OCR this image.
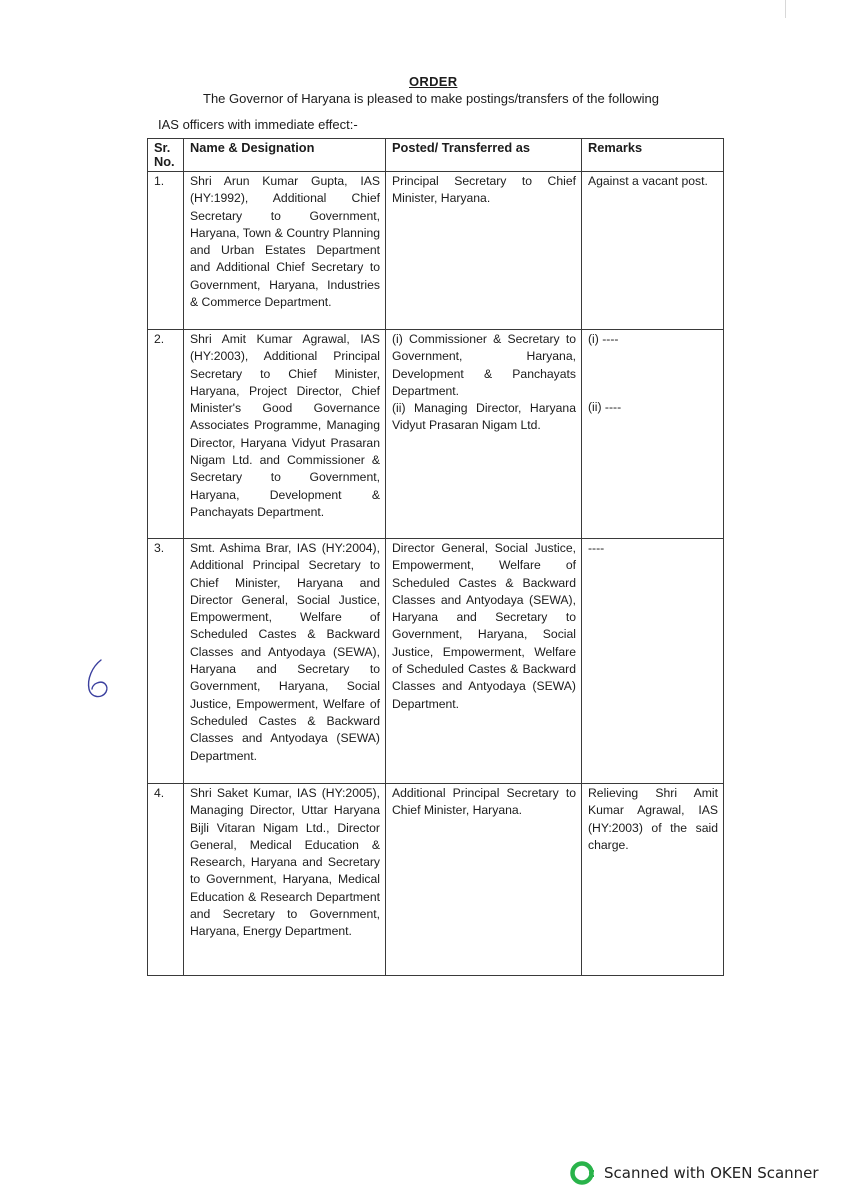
ORDER
The Governor of Haryana is pleased to make postings/transfers of the following
IAS officers with immediate effect:-
Sr. No.	Name & Designation	Posted/ Transferred as	Remarks
1.	Shri Arun Kumar Gupta, IAS (HY:1992), Additional Chief Secretary to Government, Haryana, Town & Country Planning and Urban Estates Department and Additional Chief Secretary to Government, Haryana, Industries & Commerce Department.	Principal Secretary to Chief Minister, Haryana.	Against a vacant post.
2.	Shri Amit Kumar Agrawal, IAS (HY:2003), Additional Principal Secretary to Chief Minister, Haryana, Project Director, Chief Minister's Good Governance Associates Programme, Managing Director, Haryana Vidyut Prasaran Nigam Ltd. and Commissioner & Secretary to Government, Haryana, Development & Panchayats Department.	
(i) Commissioner & Secretary to Government, Haryana, Development & Panchayats Department.
(ii) Managing Director, Haryana Vidyut Prasaran Nigam Ltd.

(i) ----
(ii) ----

3.	Smt. Ashima Brar, IAS (HY:2004), Additional Principal Secretary to Chief Minister, Haryana and Director General, Social Justice, Empowerment, Welfare of Scheduled Castes & Backward Classes and Antyodaya (SEWA), Haryana and Secretary to Government, Haryana, Social Justice, Empowerment, Welfare of Scheduled Castes & Backward Classes and Antyodaya (SEWA) Department.	Director General, Social Justice, Empowerment, Welfare of Scheduled Castes & Backward Classes and Antyodaya (SEWA), Haryana and Secretary to Government, Haryana, Social Justice, Empowerment, Welfare of Scheduled Castes & Backward Classes and Antyodaya (SEWA) Department.	----
4.	Shri Saket Kumar, IAS (HY:2005), Managing Director, Uttar Haryana Bijli Vitaran Nigam Ltd., Director General, Medical Education & Research, Haryana and Secretary to Government, Haryana, Medical Education & Research Department and Secretary to Government, Haryana, Energy Department.	Additional Principal Secretary to Chief Minister, Haryana.	Relieving Shri Amit Kumar Agrawal, IAS (HY:2003) of the said charge.
Scanned with OKEN Scanner
